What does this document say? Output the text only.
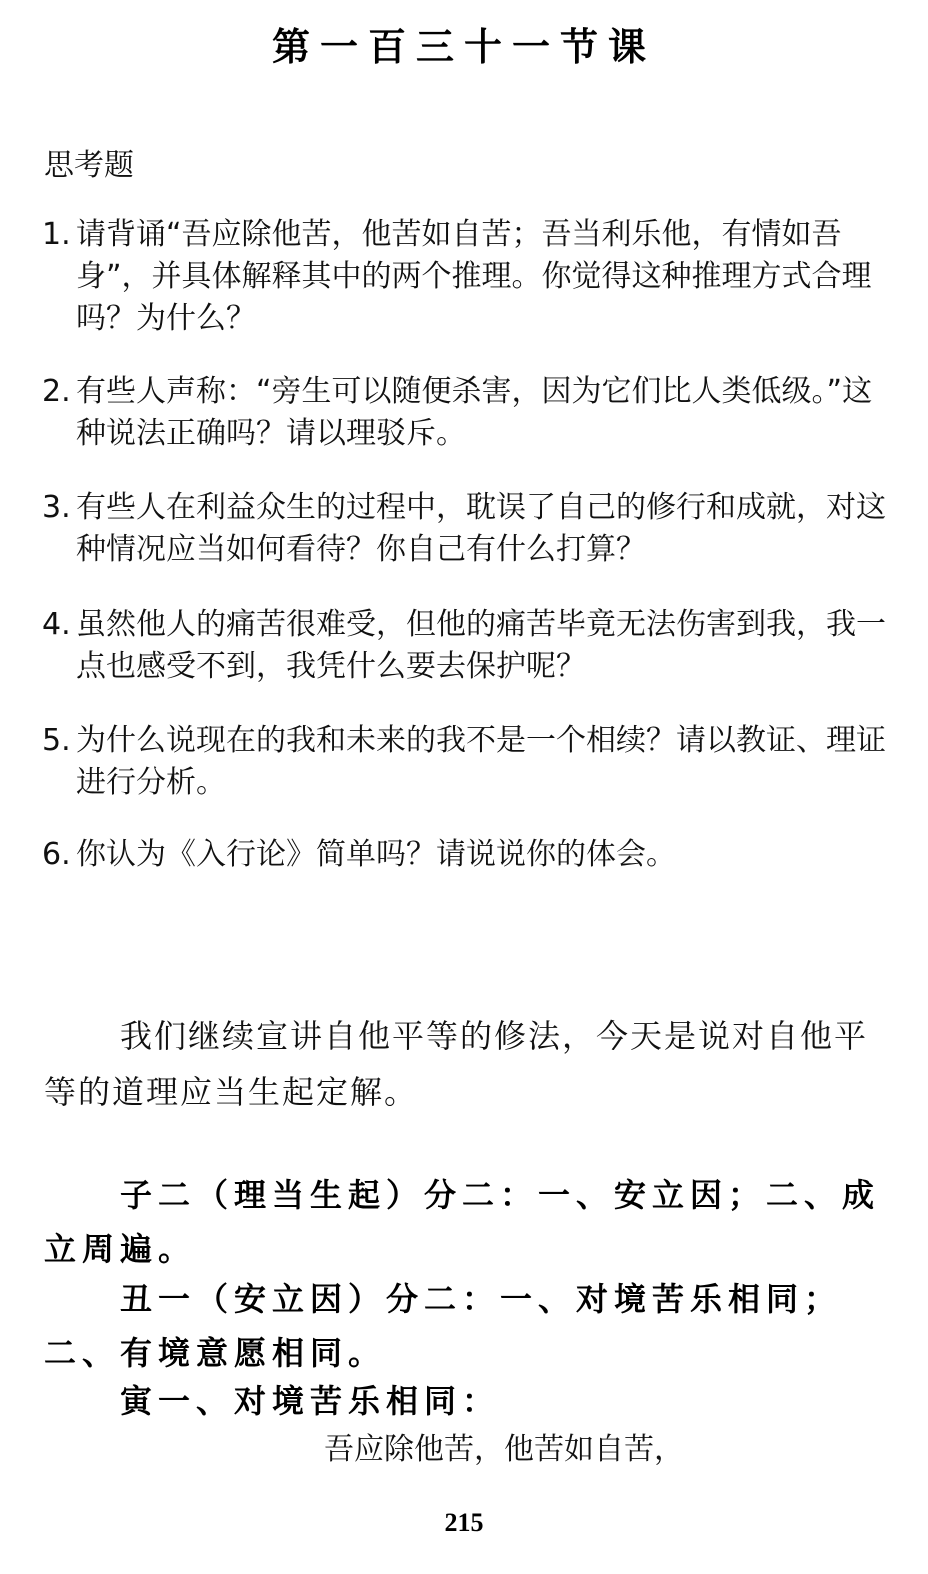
第一百三十一节课
思考题
1. 请背诵“吾应除他苦，他苦如自苦；吾当利乐他，有情如吾身”，并具体解释其中的两个推理。你觉得这种推理方式合理吗？为什么？
2. 有些人声称：“旁生可以随便杀害，因为它们比人类低级。”这种说法正确吗？请以理驳斥。
3. 有些人在利益众生的过程中，耽误了自己的修行和成就，对这种情况应当如何看待？你自己有什么打算？
4. 虽然他人的痛苦很难受，但他的痛苦毕竟无法伤害到我，我一点也感受不到，我凭什么要去保护呢？
5. 为什么说现在的我和未来的我不是一个相续？请以教证、理证进行分析。
6. 你认为《入行论》简单吗？请说说你的体会。

我们继续宣讲自他平等的修法，今天是说对自他平等的道理应当生起定解。

子二（理当生起）分二：一、安立因；二、成立周遍。

丑一（安立因）分二：一、对境苦乐相同；二、有境意愿相同。

寅一、对境苦乐相同：

吾应除他苦，他苦如自苦，
215
